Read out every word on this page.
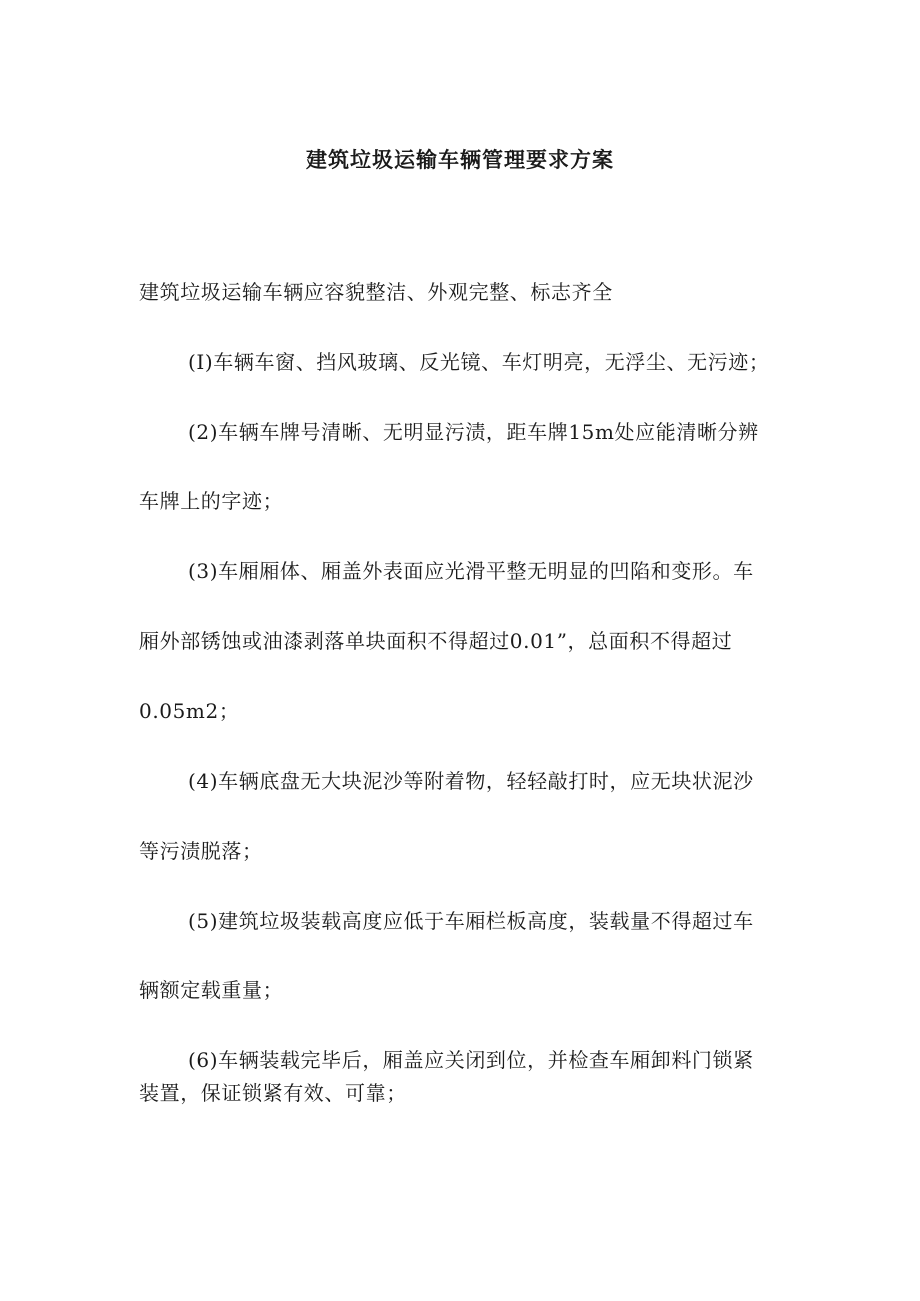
建筑垃圾运输车辆管理要求方案
建筑垃圾运输车辆应容貌整洁、外观完整、标志齐全
(I)车辆车窗、挡风玻璃、反光镜、车灯明亮，无浮尘、无污迹；
(2)车辆车牌号清晰、无明显污渍，距车牌15m处应能清晰分辨
车牌上的字迹；
(3)车厢厢体、厢盖外表面应光滑平整无明显的凹陷和变形。车
厢外部锈蚀或油漆剥落单块面积不得超过0.01”，总面积不得超过
0.05m2；
(4)车辆底盘无大块泥沙等附着物，轻轻敲打时，应无块状泥沙
等污渍脱落；
(5)建筑垃圾装载高度应低于车厢栏板高度，装载量不得超过车
辆额定载重量；
(6)车辆装载完毕后，厢盖应关闭到位，并检查车厢卸料门锁紧
装置，保证锁紧有效、可靠；
